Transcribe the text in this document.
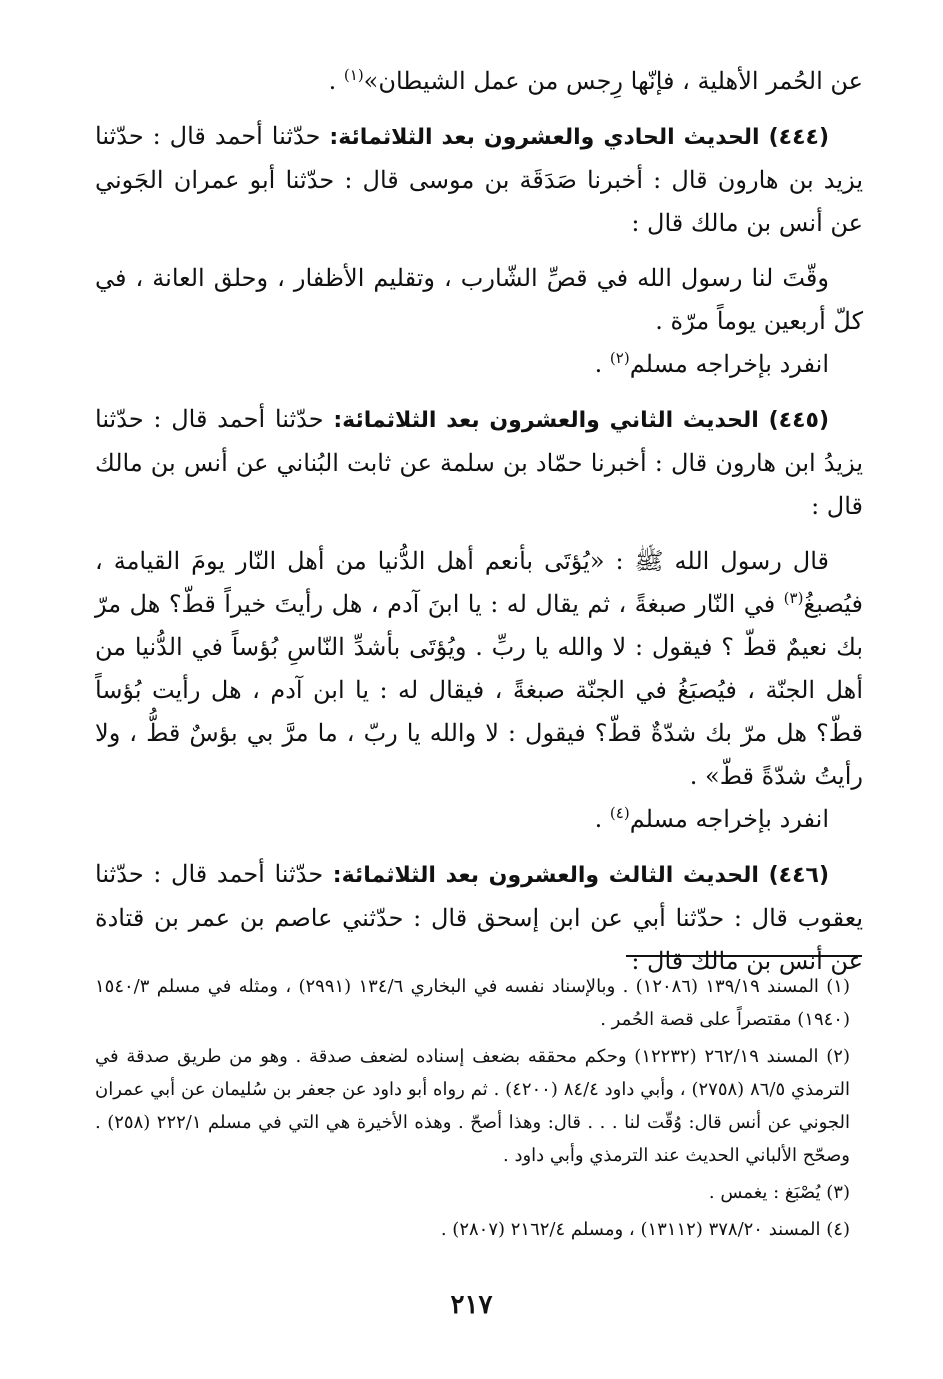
عن الحُمر الأهلية ، فإنّها رِجس من عمل الشيطان»$^{(١)}$ .

(٤٤٤) الحديث الحادي والعشرون بعد الثلاثمائة: حدّثنا أحمد قال : حدّثنا يزيد بن هارون قال : أخبرنا صَدَقَة بن موسى قال : حدّثنا أبو عمران الجَوني عن أنس بن مالك قال :

وقّتَ لنا رسول الله في قصِّ الشّارب ، وتقليم الأظفار ، وحلق العانة ، في كلّ أربعين يوماً مرّة .

انفرد بإخراجه مسلم$^{(٢)}$ .

(٤٤٥) الحديث الثاني والعشرون بعد الثلاثمائة: حدّثنا أحمد قال : حدّثنا يزيدُ ابن هارون قال : أخبرنا حمّاد بن سلمة عن ثابت البُناني عن أنس بن مالك قال :

قال رسول الله ﷺ : «يُؤتَى بأنعم أهل الدُّنيا من أهل النّار يومَ القيامة ، فيُصبغُ$^{(٣)}$ في النّار صبغةً ، ثم يقال له : يا ابنَ آدم ، هل رأيتَ خيراً قطّ؟ هل مرّ بك نعيمٌ قطّ ؟ فيقول : لا والله يا ربِّ . ويُؤتَى بأشدِّ النّاسِ بُؤساً في الدُّنيا من أهل الجنّة ، فيُصبَغُ في الجنّة صبغةً ، فيقال له : يا ابن آدم ، هل رأيت بُؤساً قطّ؟ هل مرّ بك شدّةٌ قطّ؟ فيقول : لا والله يا ربّ ، ما مرَّ بي بؤسٌ قطُّ ، ولا رأيتُ شدّةً قطّ» .

انفرد بإخراجه مسلم$^{(٤)}$ .

(٤٤٦) الحديث الثالث والعشرون بعد الثلاثمائة: حدّثنا أحمد قال : حدّثنا يعقوب قال : حدّثنا أبي عن ابن إسحق قال : حدّثني عاصم بن عمر بن قتادة عن أنس بن مالك قال :

(١) المسند ١٣٩/١٩ (١٢٠٨٦) . وبالإسناد نفسه في البخاري ١٣٤/٦ (٢٩٩١) ، ومثله في مسلم ١٥٤٠/٣ (١٩٤٠) مقتصراً على قصة الحُمر .

(٢) المسند ٢٦٢/١٩ (١٢٢٣٢) وحكم محققه بضعف إسناده لضعف صدقة . وهو من طريق صدقة في الترمذي ٨٦/٥ (٢٧٥٨) ، وأبي داود ٨٤/٤ (٤٢٠٠) . ثم رواه أبو داود عن جعفر بن سُليمان عن أبي عمران الجوني عن أنس قال: وُقّت لنا . . . قال: وهذا أصحّ . وهذه الأخيرة هي التي في مسلم ٢٢٢/١ (٢٥٨) . وصحّح الألباني الحديث عند الترمذي وأبي داود .

(٣) يُصْبَغ : يغمس .

(٤) المسند ٣٧٨/٢٠ (١٣١١٢) ، ومسلم ٢١٦٢/٤ (٢٨٠٧) .

٢١٧
